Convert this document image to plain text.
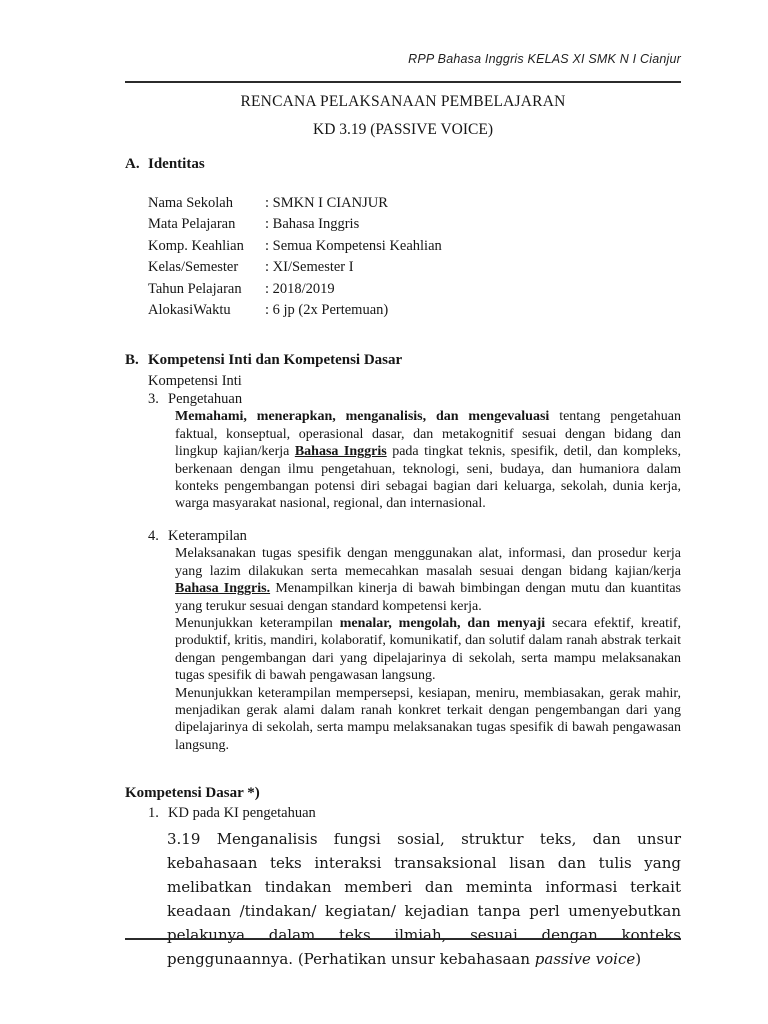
RPP Bahasa Inggris KELAS XI SMK N I Cianjur
RENCANA PELAKSANAAN PEMBELAJARAN
KD 3.19 (PASSIVE VOICE)
A. Identitas
Nama Sekolah	: SMKN I CIANJUR
Mata Pelajaran	: Bahasa Inggris
Komp. Keahlian	: Semua Kompetensi Keahlian
Kelas/Semester	: XI/Semester I
Tahun Pelajaran	: 2018/2019
AlokasiWaktu	: 6 jp (2x Pertemuan)
B. Kompetensi Inti dan Kompetensi Dasar
Kompetensi Inti
3. Pengetahuan

Memahami, menerapkan, menganalisis, dan mengevaluasi tentang pengetahuan faktual, konseptual, operasional dasar, dan metakognitif sesuai dengan bidang dan lingkup kajian/kerja Bahasa Inggris pada tingkat teknis, spesifik, detil, dan kompleks, berkenaan dengan ilmu pengetahuan, teknologi, seni, budaya, dan humaniora dalam konteks pengembangan potensi diri sebagai bagian dari keluarga, sekolah, dunia kerja, warga masyarakat nasional, regional, dan internasional.

4. Keterampilan

Melaksanakan tugas spesifik dengan menggunakan alat, informasi, dan prosedur kerja yang lazim dilakukan serta memecahkan masalah sesuai dengan bidang kajian/kerja Bahasa Inggris. Menampilkan kinerja di bawah bimbingan dengan mutu dan kuantitas yang terukur sesuai dengan standard kompetensi kerja.

Menunjukkan keterampilan menalar, mengolah, dan menyaji secara efektif, kreatif, produktif, kritis, mandiri, kolaboratif, komunikatif, dan solutif dalam ranah abstrak terkait dengan pengembangan dari yang dipelajarinya di sekolah, serta mampu melaksanakan tugas spesifik di bawah pengawasan langsung.

Menunjukkan keterampilan mempersepsi, kesiapan, meniru, membiasakan, gerak mahir, menjadikan gerak alami dalam ranah konkret terkait dengan pengembangan dari yang dipelajarinya di sekolah, serta mampu melaksanakan tugas spesifik di bawah pengawasan langsung.

Kompetensi Dasar *)
1. KD pada KI pengetahuan

3.19 Menganalisis fungsi sosial, struktur teks, dan unsur kebahasaan teks interaksi transaksional lisan dan tulis yang melibatkan tindakan memberi dan meminta informasi terkait keadaan /tindakan/ kegiatan/ kejadian tanpa perl umenyebutkan pelakunya dalam teks ilmiah, sesuai dengan konteks penggunaannya. (Perhatikan unsur kebahasaan passive voice)
